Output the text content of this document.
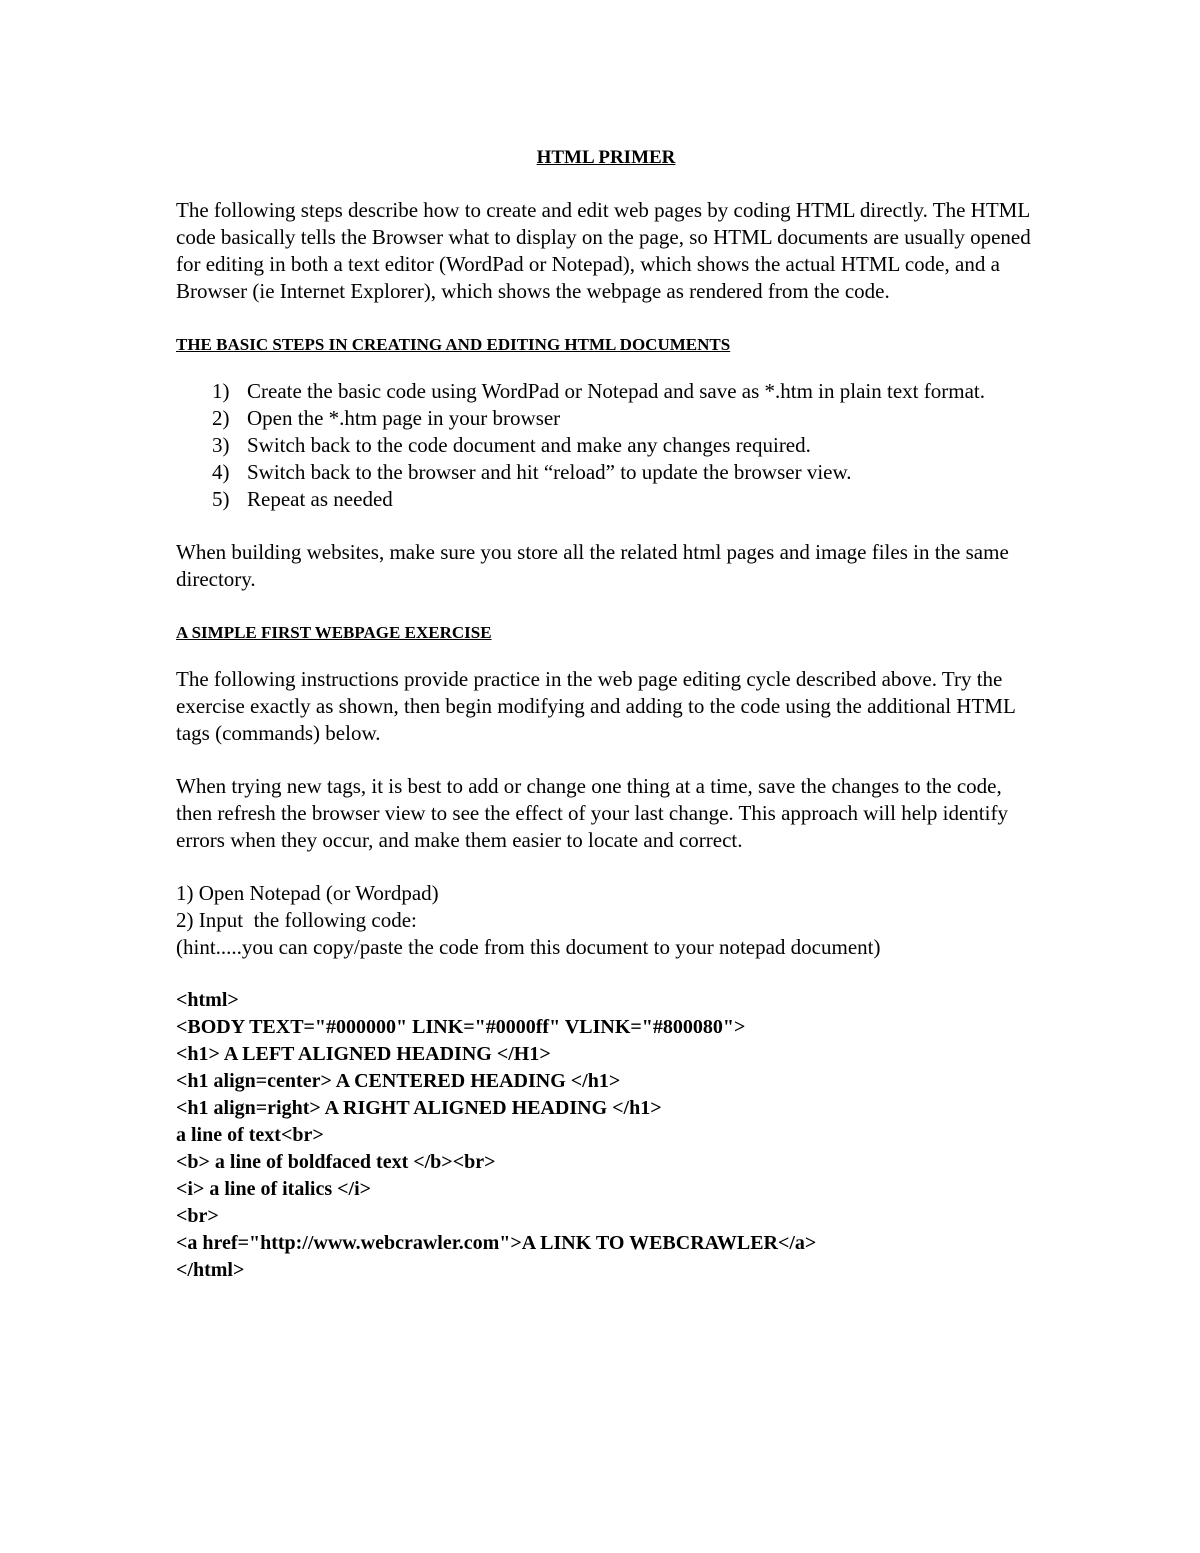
HTML PRIMER
The following steps describe how to create and edit web pages by coding HTML directly. The HTML code basically tells the Browser what to display on the page, so HTML documents are usually opened for editing in both a text editor (WordPad or Notepad), which shows the actual HTML code, and a Browser (ie Internet Explorer), which shows the webpage as rendered from the code.
THE BASIC STEPS IN CREATING AND EDITING HTML DOCUMENTS
1) Create the basic code using WordPad or Notepad and save as *.htm in plain text format.
2) Open the *.htm page in your browser
3) Switch back to the code document and make any changes required.
4) Switch back to the browser and hit “reload” to update the browser view.
5) Repeat as needed
When building websites, make sure you store all the related html pages and image files in the same directory.
A SIMPLE FIRST WEBPAGE EXERCISE
The following instructions provide practice in the web page editing cycle described above. Try the exercise exactly as shown, then begin modifying and adding to the code using the additional HTML tags (commands) below.
When trying new tags, it is best to add or change one thing at a time, save the changes to the code, then refresh the browser view to see the effect of your last change. This approach will help identify errors when they occur, and make them easier to locate and correct.
1) Open Notepad (or Wordpad)
2) Input  the following code:
(hint.....you can copy/paste the code from this document to your notepad document)
<html>
<BODY TEXT="#000000" LINK="#0000ff" VLINK="#800080">
<h1> A LEFT ALIGNED HEADING </H1>
<h1 align=center> A CENTERED HEADING </h1>
<h1 align=right> A RIGHT ALIGNED HEADING </h1>
a line of text<br>
<b> a line of boldfaced text </b><br>
<i> a line of italics </i>
<br>
<a href="http://www.webcrawler.com">A LINK TO WEBCRAWLER</a>
</html>
